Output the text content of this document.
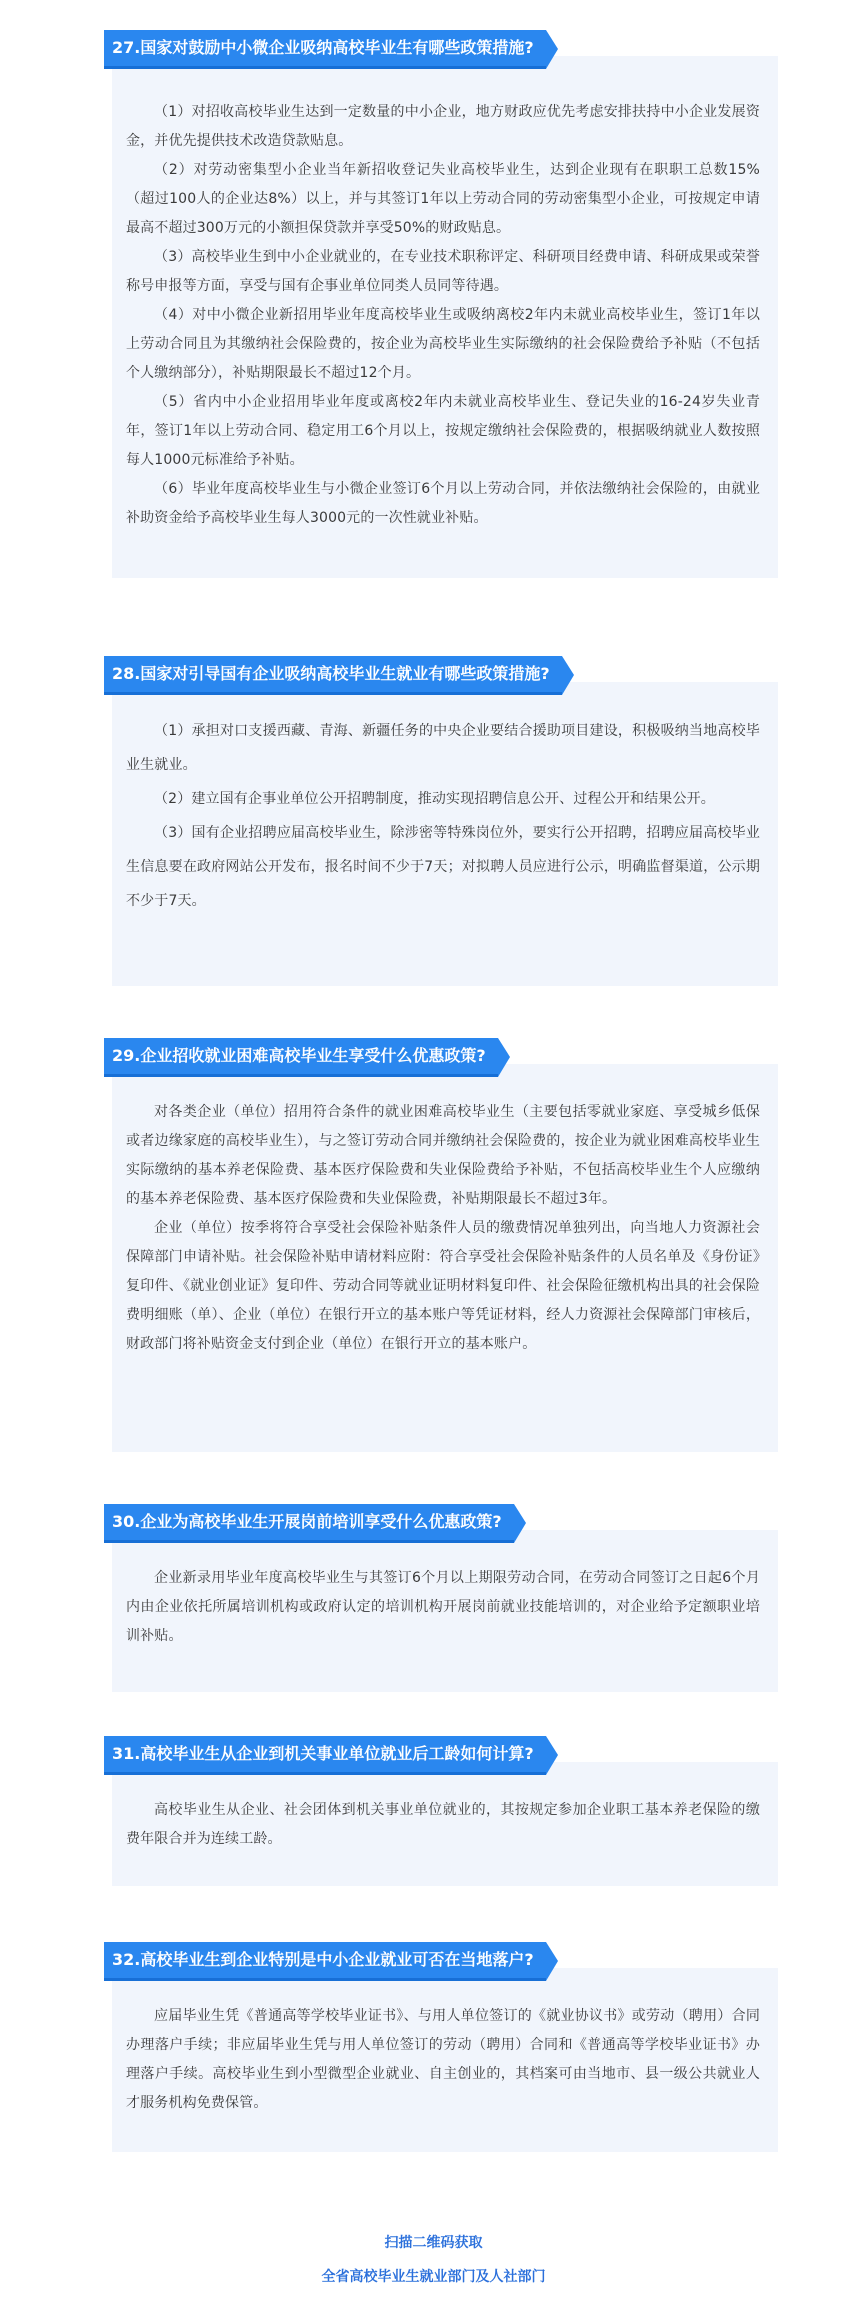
27.国家对鼓励中小微企业吸纳高校毕业生有哪些政策措施?

（1）对招收高校毕业生达到一定数量的中小企业，地方财政应优先考虑安排扶持中小企业发展资金，并优先提供技术改造贷款贴息。

（2）对劳动密集型小企业当年新招收登记失业高校毕业生，达到企业现有在职职工总数15%（超过100人的企业达8%）以上，并与其签订1年以上劳动合同的劳动密集型小企业，可按规定申请最高不超过300万元的小额担保贷款并享受50%的财政贴息。

（3）高校毕业生到中小企业就业的，在专业技术职称评定、科研项目经费申请、科研成果或荣誉称号申报等方面，享受与国有企事业单位同类人员同等待遇。

（4）对中小微企业新招用毕业年度高校毕业生或吸纳离校2年内未就业高校毕业生，签订1年以上劳动合同且为其缴纳社会保险费的，按企业为高校毕业生实际缴纳的社会保险费给予补贴（不包括个人缴纳部分），补贴期限最长不超过12个月。

（5）省内中小企业招用毕业年度或离校2年内未就业高校毕业生、登记失业的16-24岁失业青年，签订1年以上劳动合同、稳定用工6个月以上，按规定缴纳社会保险费的，根据吸纳就业人数按照每人1000元标准给予补贴。

（6）毕业年度高校毕业生与小微企业签订6个月以上劳动合同，并依法缴纳社会保险的，由就业补助资金给予高校毕业生每人3000元的一次性就业补贴。

28.国家对引导国有企业吸纳高校毕业生就业有哪些政策措施?

（1）承担对口支援西藏、青海、新疆任务的中央企业要结合援助项目建设，积极吸纳当地高校毕业生就业。

（2）建立国有企事业单位公开招聘制度，推动实现招聘信息公开、过程公开和结果公开。

（3）国有企业招聘应届高校毕业生，除涉密等特殊岗位外，要实行公开招聘，招聘应届高校毕业生信息要在政府网站公开发布，报名时间不少于7天；对拟聘人员应进行公示，明确监督渠道，公示期不少于7天。

29.企业招收就业困难高校毕业生享受什么优惠政策?

对各类企业（单位）招用符合条件的就业困难高校毕业生（主要包括零就业家庭、享受城乡低保或者边缘家庭的高校毕业生），与之签订劳动合同并缴纳社会保险费的，按企业为就业困难高校毕业生实际缴纳的基本养老保险费、基本医疗保险费和失业保险费给予补贴，不包括高校毕业生个人应缴纳的基本养老保险费、基本医疗保险费和失业保险费，补贴期限最长不超过3年。

企业（单位）按季将符合享受社会保险补贴条件人员的缴费情况单独列出，向当地人力资源社会保障部门申请补贴。社会保险补贴申请材料应附：符合享受社会保险补贴条件的人员名单及《身份证》复印件、《就业创业证》复印件、劳动合同等就业证明材料复印件、社会保险征缴机构出具的社会保险费明细账（单）、企业（单位）在银行开立的基本账户等凭证材料，经人力资源社会保障部门审核后，财政部门将补贴资金支付到企业（单位）在银行开立的基本账户。

30.企业为高校毕业生开展岗前培训享受什么优惠政策?

企业新录用毕业年度高校毕业生与其签订6个月以上期限劳动合同，在劳动合同签订之日起6个月内由企业依托所属培训机构或政府认定的培训机构开展岗前就业技能培训的，对企业给予定额职业培训补贴。

31.高校毕业生从企业到机关事业单位就业后工龄如何计算?

高校毕业生从企业、社会团体到机关事业单位就业的，其按规定参加企业职工基本养老保险的缴费年限合并为连续工龄。

32.高校毕业生到企业特别是中小企业就业可否在当地落户?

应届毕业生凭《普通高等学校毕业证书》、与用人单位签订的《就业协议书》或劳动（聘用）合同办理落户手续；非应届毕业生凭与用人单位签订的劳动（聘用）合同和《普通高等学校毕业证书》办理落户手续。高校毕业生到小型微型企业就业、自主创业的，其档案可由当地市、县一级公共就业人才服务机构免费保管。

扫描二维码获取
全省高校毕业生就业部门及人社部门
